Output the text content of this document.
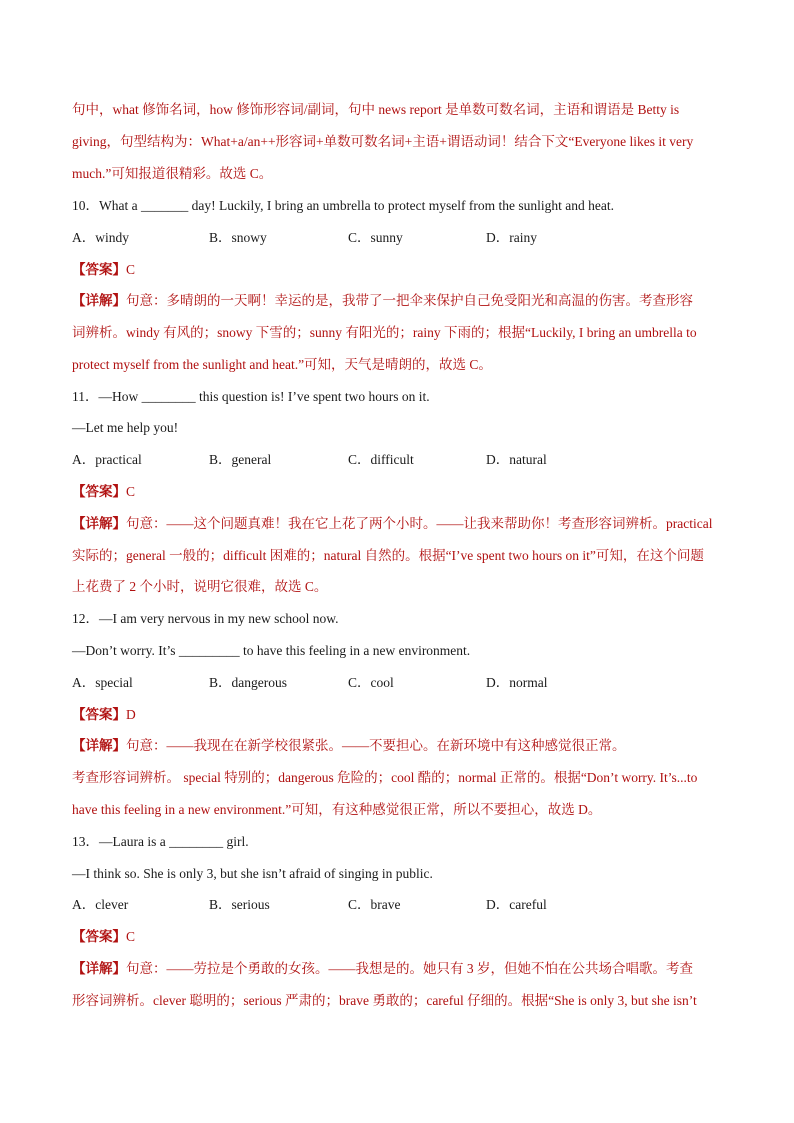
句中，what 修饰名词，how 修饰形容词/副词，句中 news report 是单数可数名词，主语和谓语是 Betty is
giving，句型结构为：What+a/an++形容词+单数可数名词+主语+谓语动词！结合下文“Everyone likes it very
much.”可知报道很精彩。故选 C。
10．What a _______ day! Luckily, I bring an umbrella to protect myself from the sunlight and heat.
A．windy	B．snowy	C．sunny	D．rainy
【答案】C
【详解】句意：多晴朗的一天啊！幸运的是，我带了一把伞来保护自己免受阳光和高温的伤害。考查形容
词辨析。windy 有风的；snowy 下雪的；sunny 有阳光的；rainy 下雨的；根据“Luckily, I bring an umbrella to
protect myself from the sunlight and heat.”可知，天气是晴朗的，故选 C。
11．—How ________ this question is! I’ve spent two hours on it.
—Let me help you!
A．practical	B．general	C．difficult	D．natural
【答案】C
【详解】句意：——这个问题真难！我在它上花了两个小时。——让我来帮助你！考查形容词辨析。practical
实际的；general 一般的；difficult 困难的；natural 自然的。根据“I’ve spent two hours on it”可知，在这个问题
上花费了 2 个小时，说明它很难，故选 C。
12．—I am very nervous in my new school now.
—Don’t worry. It’s _________ to have this feeling in a new environment.
A．special	B．dangerous	C．cool	D．normal
【答案】D
【详解】句意：——我现在在新学校很紧张。——不要担心。在新环境中有这种感觉很正常。
考查形容词辨析。 special 特别的；dangerous 危险的；cool 酷的；normal 正常的。根据“Don’t worry. It’s...to
have this feeling in a new environment.”可知，有这种感觉很正常，所以不要担心，故选 D。
13．—Laura is a ________ girl.
—I think so. She is only 3, but she isn’t afraid of singing in public.
A．clever	B．serious	C．brave	D．careful
【答案】C
【详解】句意：——劳拉是个勇敢的女孩。——我想是的。她只有 3 岁，但她不怕在公共场合唱歌。考查
形容词辨析。clever 聪明的；serious 严肃的；brave 勇敢的；careful 仔细的。根据“She is only 3, but she isn’t
